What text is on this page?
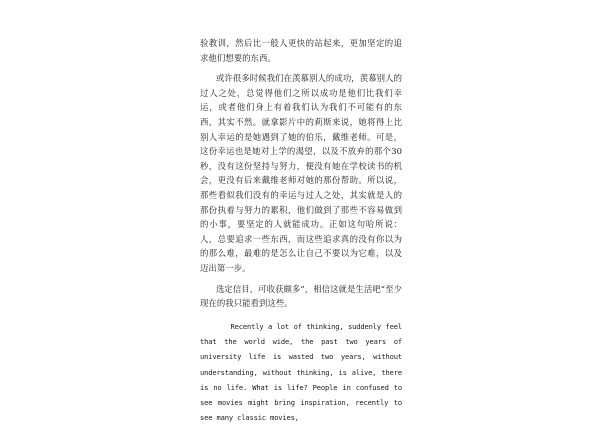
验教训，然后比一般人更快的站起来，更加坚定的追求他们想要的东西。

或许很多时候我们在羡慕别人的成功，羡慕别人的过人之处，总觉得他们之所以成功是他们比我们幸运，或者他们身上有着我们认为我们不可能有的东西，其实不然。就拿影片中的莉斯来说，她将得上比别人幸运的是她遇到了她的伯乐，戴维老师。可是，这份幸运也是她对上学的渴望，以及不放弃的那个30秒，没有这份坚持与努力，便没有她在学校读书的机会，更没有后来戴维老师对她的那份帮助。所以说，那些看似我们没有的幸运与过人之处，其实就是人的那份执着与努力的累积，他们做到了那些不容易做到的小事，要坚定的人就能成功。正如这句哈所说：人，总要追求一些东西，而这些追求真的没有你以为的那么难，最难的是怎么让自己不要以为它难，以及迈出第一步。

选定信目，可收获颇多”，相信这就是生活吧“至少现在的我只能看到这些。

Recently a lot of thinking, suddenly feel that the world wide, the past two years of university life is wasted two years, without understanding, without thinking, is alive, there is no life. What is life? People in confused to see movies might bring inspiration, recently to see many classic movies,
